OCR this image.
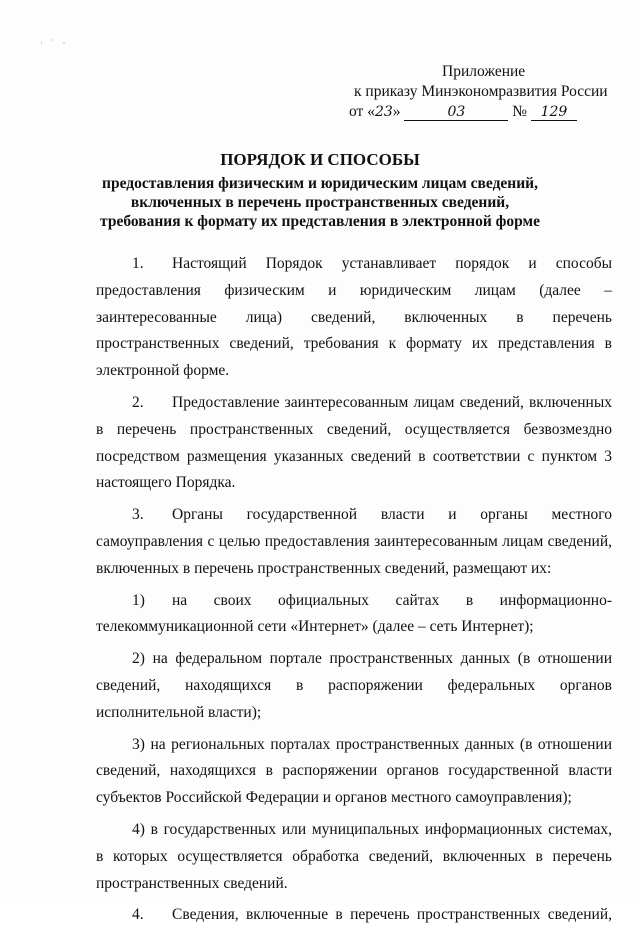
· ˙ ·
Приложение
к приказу Минэкономразвития России
от «23»	03	№ 129
ПОРЯДОК И СПОСОБЫ
предоставления физическим и юридическим лицам сведений, включенных в перечень пространственных сведений, требования к формату их представления в электронной форме

1. Настоящий Порядок устанавливает порядок и способы предоставления физическим и юридическим лицам (далее – заинтересованные лица) сведений, включенных в перечень пространственных сведений, требования к формату их представления в электронной форме.

2. Предоставление заинтересованным лицам сведений, включенных в перечень пространственных сведений, осуществляется безвозмездно посредством размещения указанных сведений в соответствии с пунктом 3 настоящего Порядка.

3. Органы государственной власти и органы местного самоуправления с целью предоставления заинтересованным лицам сведений, включенных в перечень пространственных сведений, размещают их:

1) на своих официальных сайтах в информационно-телекоммуникационной сети «Интернет» (далее – сеть Интернет);

2) на федеральном портале пространственных данных (в отношении сведений, находящихся в распоряжении федеральных органов исполнительной власти);

3) на региональных порталах пространственных данных (в отношении сведений, находящихся в распоряжении органов государственной власти субъектов Российской Федерации и органов местного самоуправления);

4) в государственных или муниципальных информационных системах, в которых осуществляется обработка сведений, включенных в перечень пространственных сведений.

4. Сведения, включенные в перечень пространственных сведений,
